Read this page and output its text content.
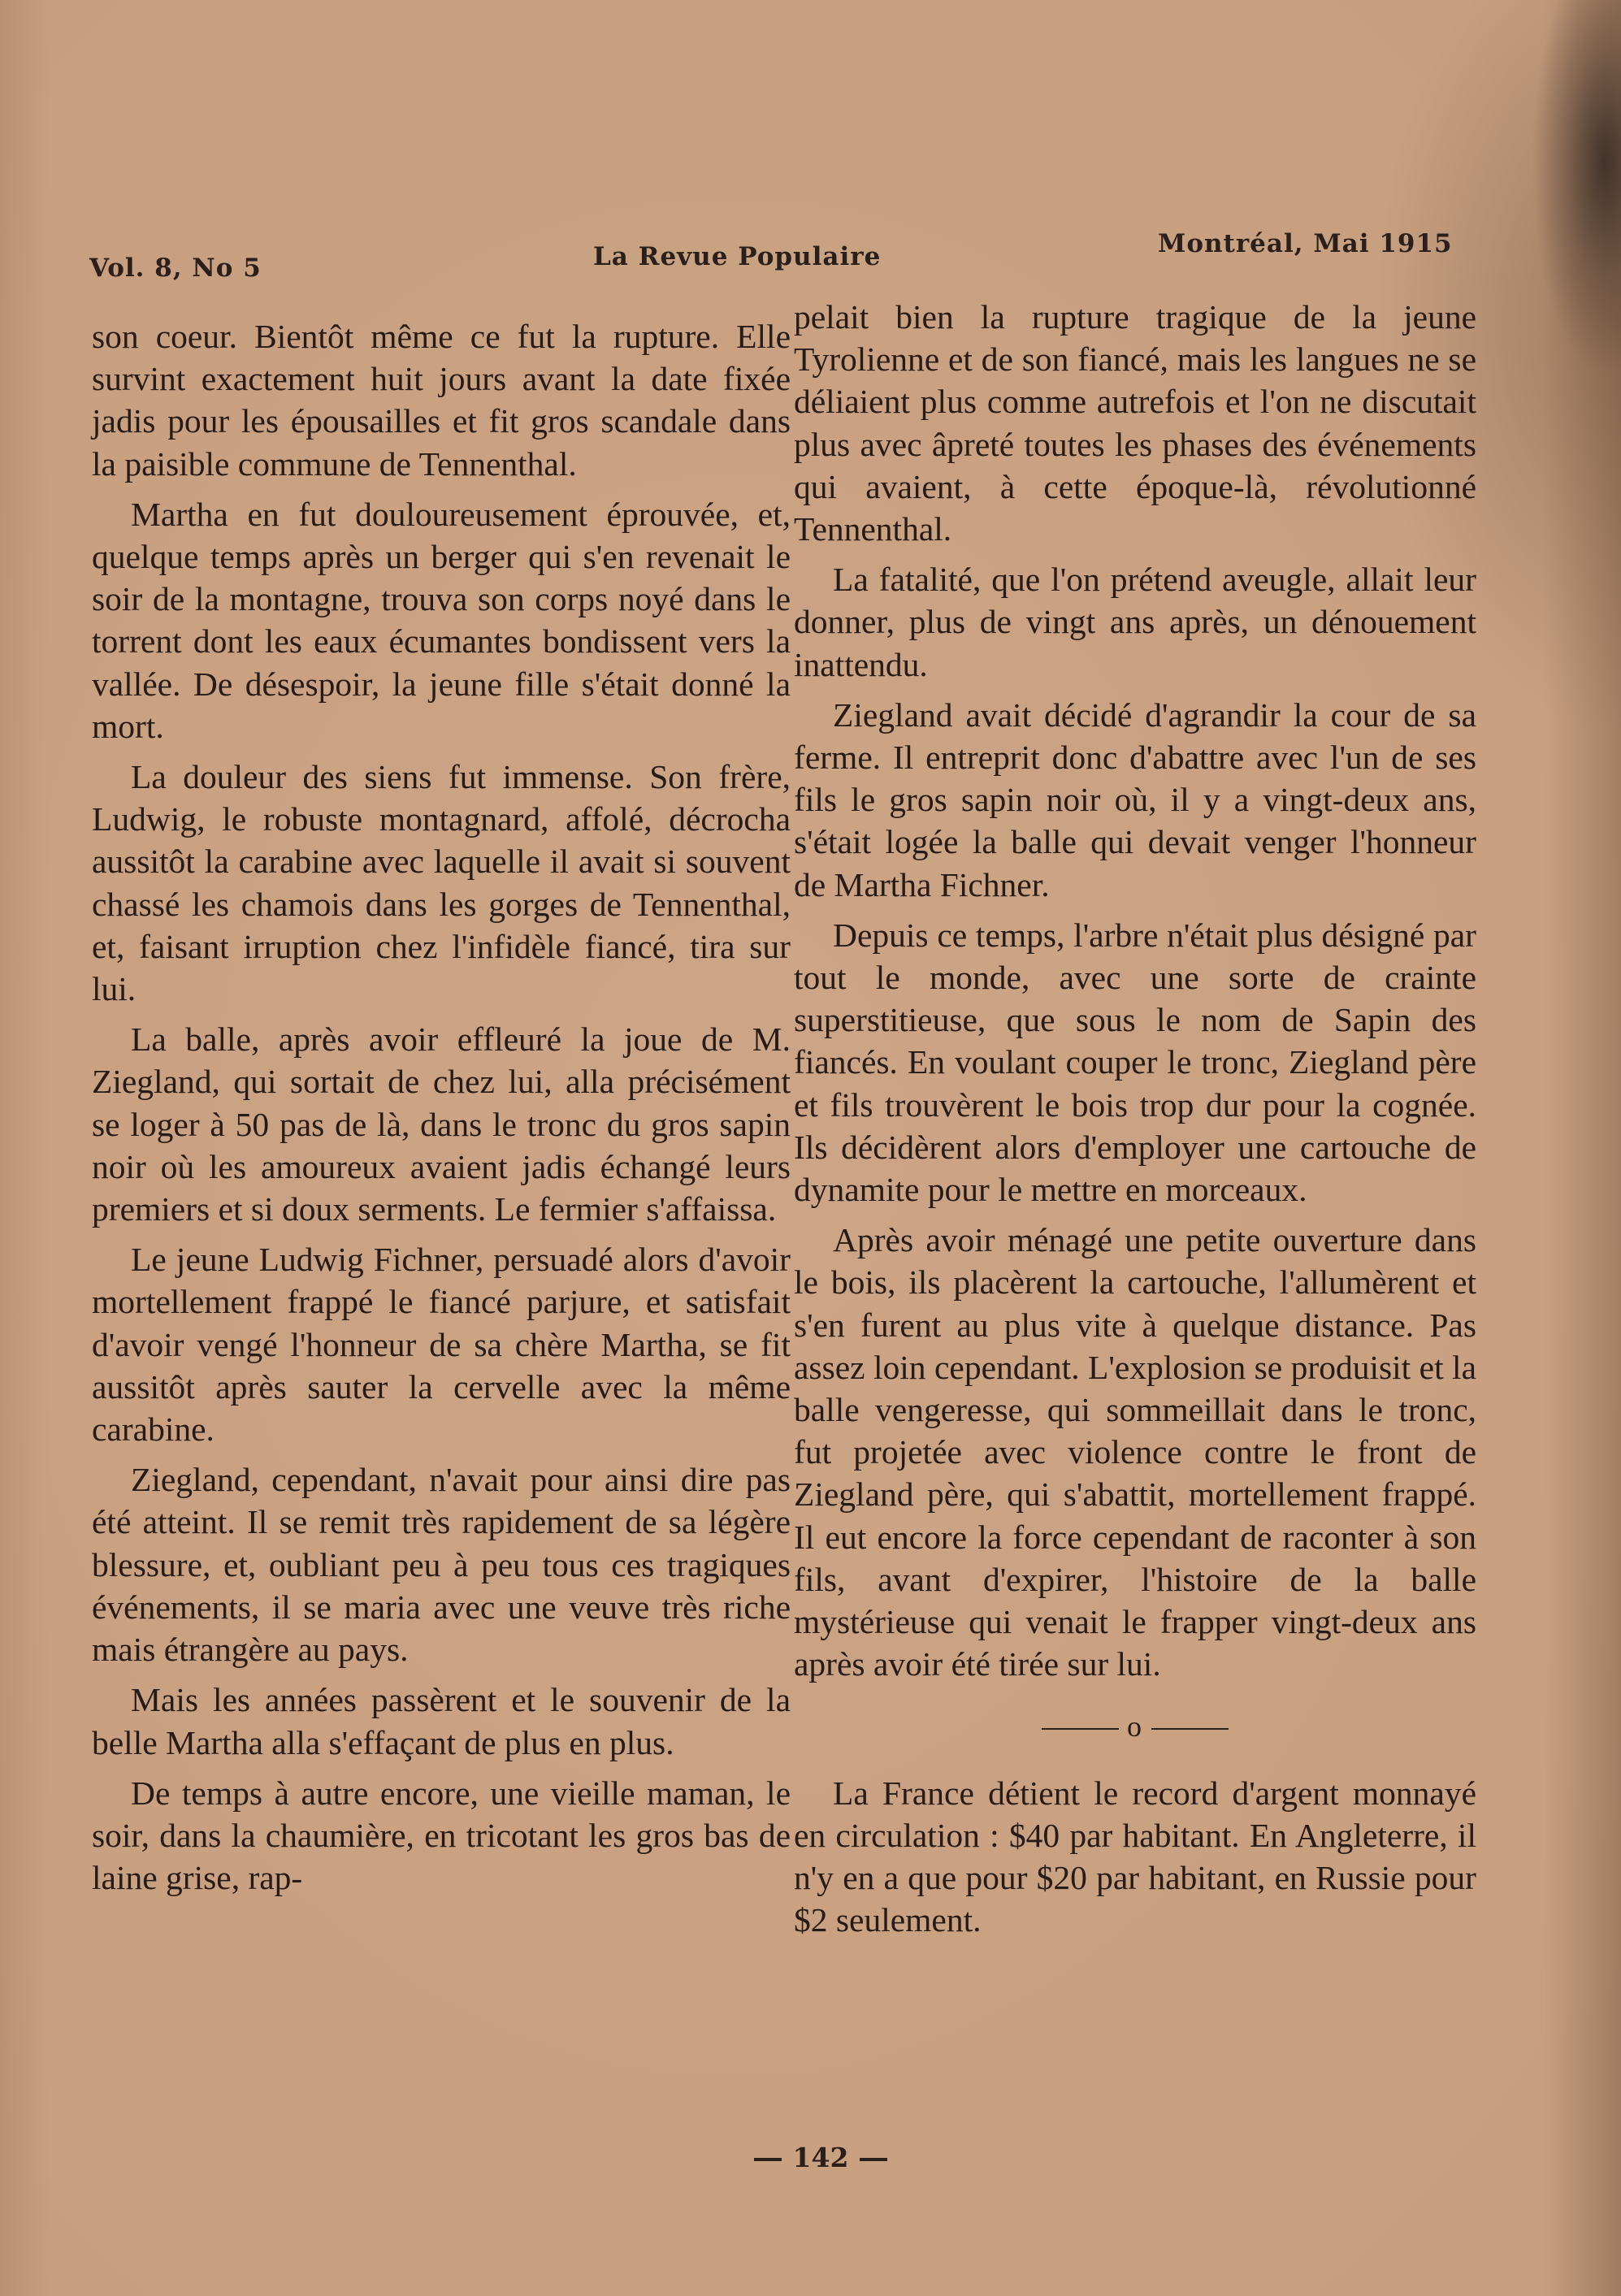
Vol. 8, No 5	La Revue Populaire	Montréal, Mai 1915

son coeur. Bientôt même ce fut la rupture. Elle survint exactement huit jours avant la date fixée jadis pour les épousailles et fit gros scandale dans la paisible commune de Tennenthal.

Martha en fut douloureusement éprouvée, et, quelque temps après un berger qui s'en revenait le soir de la montagne, trouva son corps noyé dans le torrent dont les eaux écumantes bondissent vers la vallée. De désespoir, la jeune fille s'était donné la mort.

La douleur des siens fut immense. Son frère, Ludwig, le robuste montagnard, affolé, décrocha aussitôt la carabine avec laquelle il avait si souvent chassé les chamois dans les gorges de Tennenthal, et, faisant irruption chez l'infidèle fiancé, tira sur lui.

La balle, après avoir effleuré la joue de M. Ziegland, qui sortait de chez lui, alla précisément se loger à 50 pas de là, dans le tronc du gros sapin noir où les amoureux avaient jadis échangé leurs premiers et si doux serments. Le fermier s'affaissa.

Le jeune Ludwig Fichner, persuadé alors d'avoir mortellement frappé le fiancé parjure, et satisfait d'avoir vengé l'honneur de sa chère Martha, se fit aussitôt après sauter la cervelle avec la même carabine.

Ziegland, cependant, n'avait pour ainsi dire pas été atteint. Il se remit très rapidement de sa légère blessure, et, oubliant peu à peu tous ces tragiques événements, il se maria avec une veuve très riche mais étrangère au pays.

Mais les années passèrent et le souvenir de la belle Martha alla s'effaçant de plus en plus.

De temps à autre encore, une vieille maman, le soir, dans la chaumière, en tricotant les gros bas de laine grise, rap-

pelait bien la rupture tragique de la jeune Tyrolienne et de son fiancé, mais les langues ne se déliaient plus comme autrefois et l'on ne discutait plus avec âpreté toutes les phases des événements qui avaient, à cette époque-là, révolutionné Tennenthal.

La fatalité, que l'on prétend aveugle, allait leur donner, plus de vingt ans après, un dénouement inattendu.

Ziegland avait décidé d'agrandir la cour de sa ferme. Il entreprit donc d'abattre avec l'un de ses fils le gros sapin noir où, il y a vingt-deux ans, s'était logée la balle qui devait venger l'honneur de Martha Fichner.

Depuis ce temps, l'arbre n'était plus désigné par tout le monde, avec une sorte de crainte superstitieuse, que sous le nom de Sapin des fiancés. En voulant couper le tronc, Ziegland père et fils trouvèrent le bois trop dur pour la cognée. Ils décidèrent alors d'employer une cartouche de dynamite pour le mettre en morceaux.

Après avoir ménagé une petite ouverture dans le bois, ils placèrent la cartouche, l'allumèrent et s'en furent au plus vite à quelque distance. Pas assez loin cependant. L'explosion se produisit et la balle vengeresse, qui sommeillait dans le tronc, fut projetée avec violence contre le front de Ziegland père, qui s'abattit, mortellement frappé. Il eut encore la force cependant de raconter à son fils, avant d'expirer, l'histoire de la balle mystérieuse qui venait le frapper vingt-deux ans après avoir été tirée sur lui.

o

La France détient le record d'argent monnayé en circulation : $40 par habitant. En Angleterre, il n'y en a que pour $20 par habitant, en Russie pour $2 seulement.

142
